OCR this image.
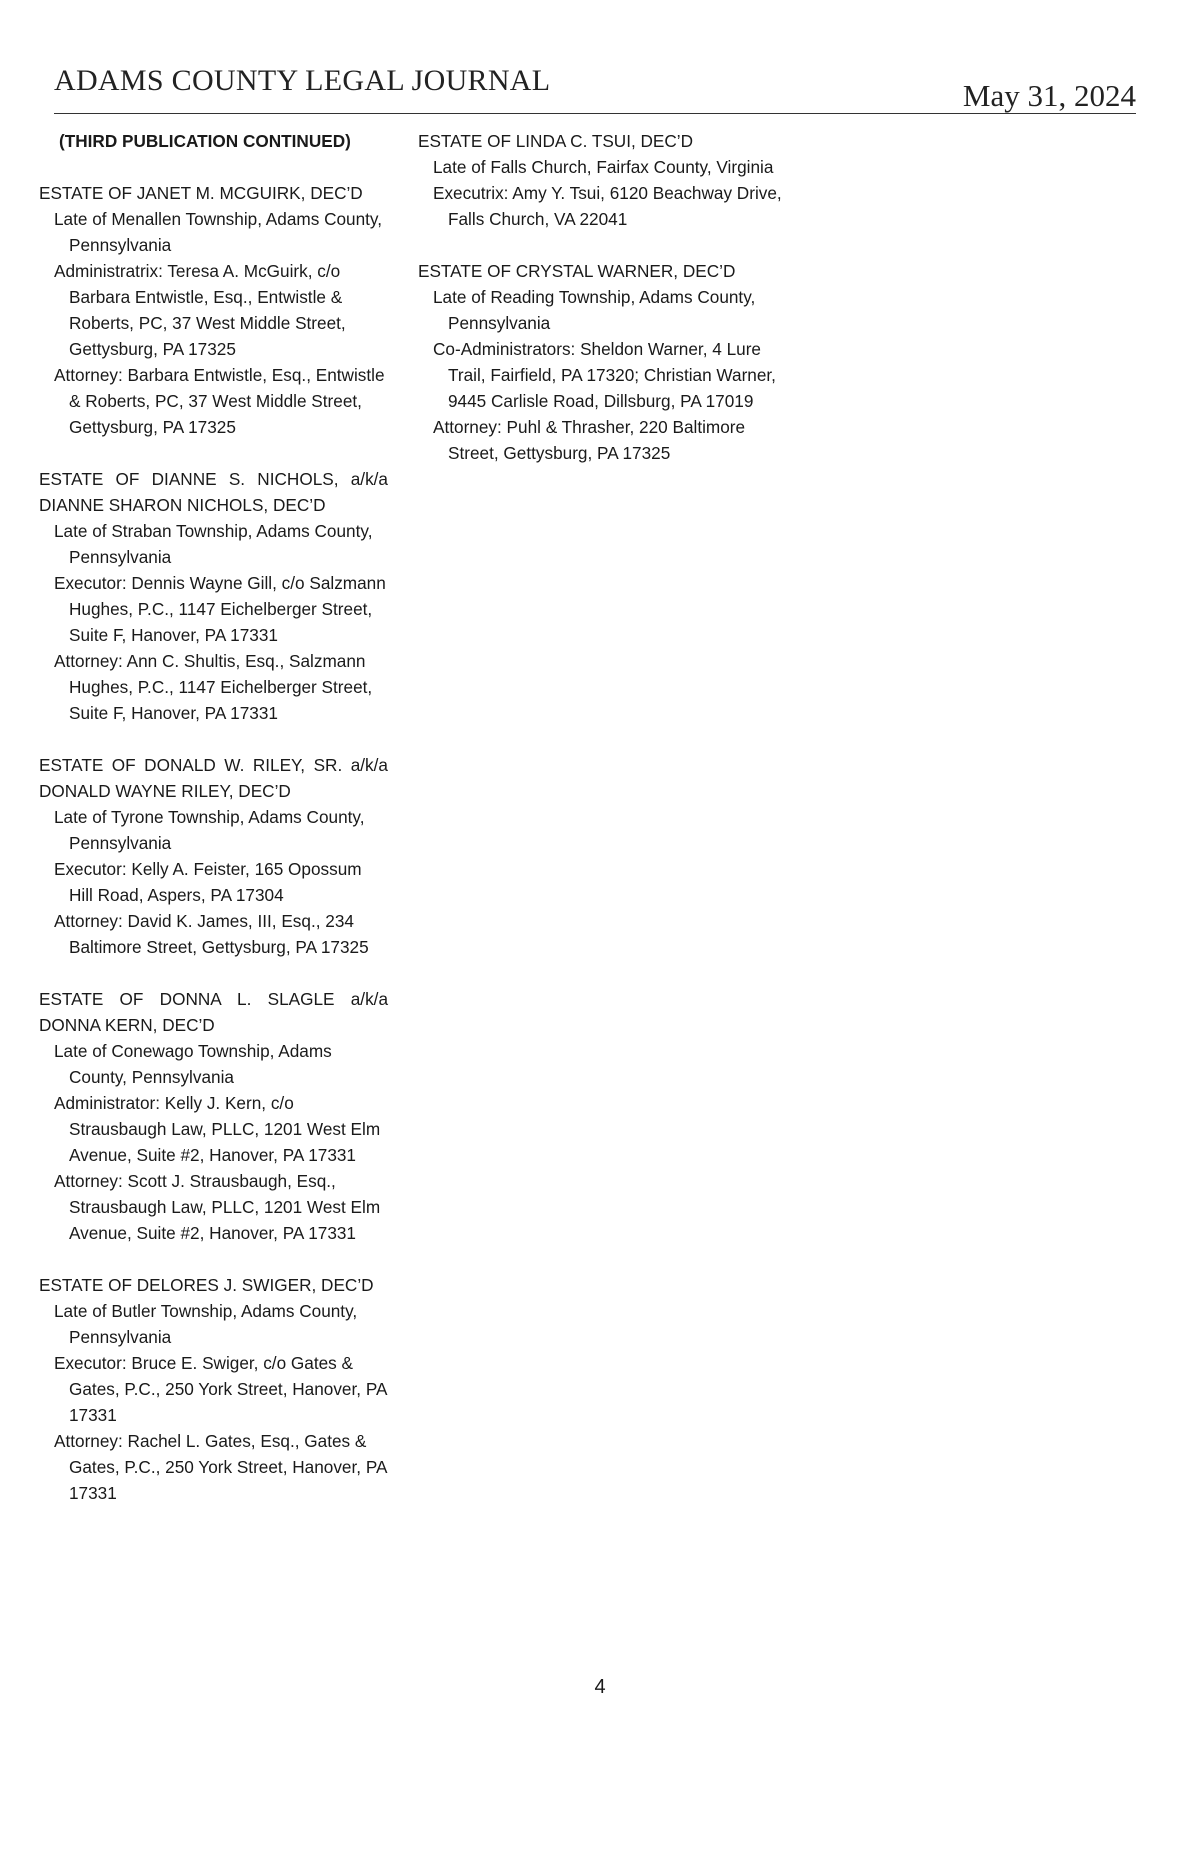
ADAMS COUNTY LEGAL JOURNAL	May 31, 2024
(THIRD PUBLICATION CONTINUED)
ESTATE OF JANET M. MCGUIRK, DEC’D
Late of Menallen Township, Adams County, Pennsylvania
Administratrix: Teresa A. McGuirk, c/o Barbara Entwistle, Esq., Entwistle & Roberts, PC, 37 West Middle Street, Gettysburg, PA 17325
Attorney: Barbara Entwistle, Esq., Entwistle & Roberts, PC, 37 West Middle Street, Gettysburg, PA 17325
ESTATE OF DIANNE S. NICHOLS, a/k/a DIANNE SHARON NICHOLS, DEC’D
Late of Straban Township, Adams County, Pennsylvania
Executor: Dennis Wayne Gill, c/o Salzmann Hughes, P.C., 1147 Eichelberger Street, Suite F, Hanover, PA 17331
Attorney: Ann C. Shultis, Esq., Salzmann Hughes, P.C., 1147 Eichelberger Street, Suite F, Hanover, PA 17331
ESTATE OF DONALD W. RILEY, SR. a/k/a DONALD WAYNE RILEY, DEC’D
Late of Tyrone Township, Adams County, Pennsylvania
Executor: Kelly A. Feister, 165 Opossum Hill Road, Aspers, PA 17304
Attorney: David K. James, III, Esq., 234 Baltimore Street, Gettysburg, PA 17325
ESTATE OF DONNA L. SLAGLE a/k/a DONNA KERN, DEC’D
Late of Conewago Township, Adams County, Pennsylvania
Administrator: Kelly J. Kern, c/o Strausbaugh Law, PLLC, 1201 West Elm Avenue, Suite #2, Hanover, PA 17331
Attorney: Scott J. Strausbaugh, Esq., Strausbaugh Law, PLLC, 1201 West Elm Avenue, Suite #2, Hanover, PA 17331
ESTATE OF DELORES J. SWIGER, DEC’D
Late of Butler Township, Adams County, Pennsylvania
Executor: Bruce E. Swiger, c/o Gates & Gates, P.C., 250 York Street, Hanover, PA 17331
Attorney: Rachel L. Gates, Esq., Gates & Gates, P.C., 250 York Street, Hanover, PA 17331
ESTATE OF LINDA C. TSUI, DEC’D
Late of Falls Church, Fairfax County, Virginia
Executrix: Amy Y. Tsui, 6120 Beachway Drive, Falls Church, VA 22041
ESTATE OF CRYSTAL WARNER, DEC’D
Late of Reading Township, Adams County, Pennsylvania
Co-Administrators: Sheldon Warner, 4 Lure Trail, Fairfield, PA 17320; Christian Warner, 9445 Carlisle Road, Dillsburg, PA 17019
Attorney: Puhl & Thrasher, 220 Baltimore Street, Gettysburg, PA 17325
4
